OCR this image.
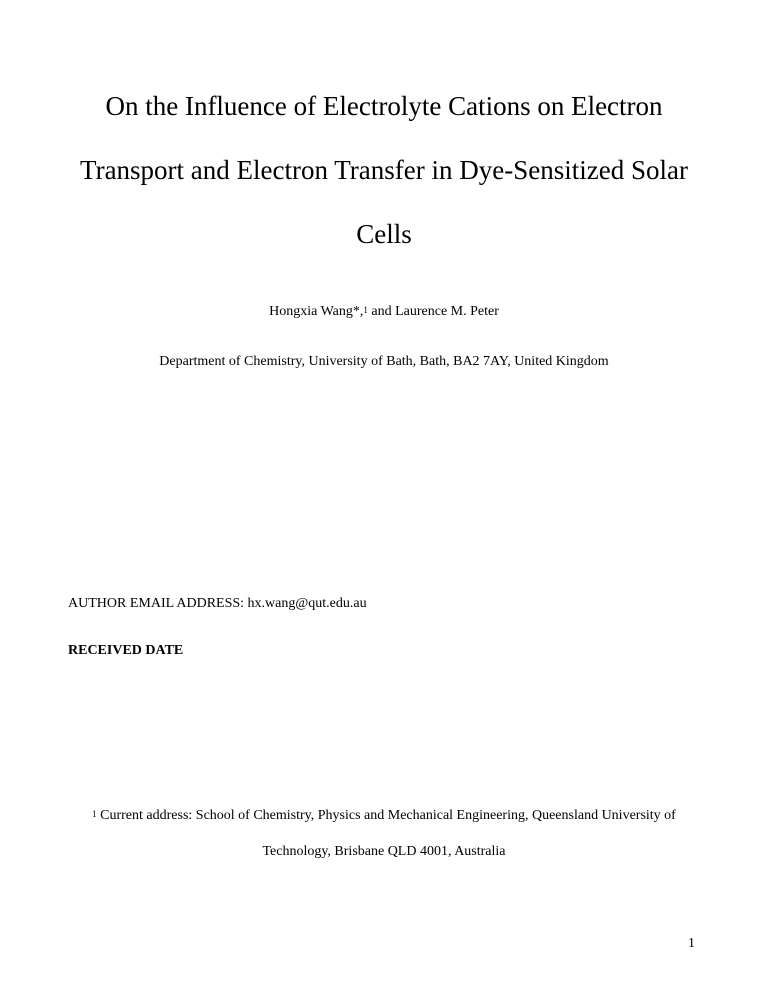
On the Influence of Electrolyte Cations on Electron
Transport and Electron Transfer in Dye-Sensitized Solar
Cells
Hongxia Wang*,$^1$ and Laurence M. Peter
Department of Chemistry, University of Bath, Bath, BA2 7AY, United Kingdom
AUTHOR EMAIL ADDRESS: hx.wang@qut.edu.au
RECEIVED DATE
$^1$ Current address: School of Chemistry, Physics and Mechanical Engineering, Queensland University of
Technology, Brisbane QLD 4001, Australia
1
